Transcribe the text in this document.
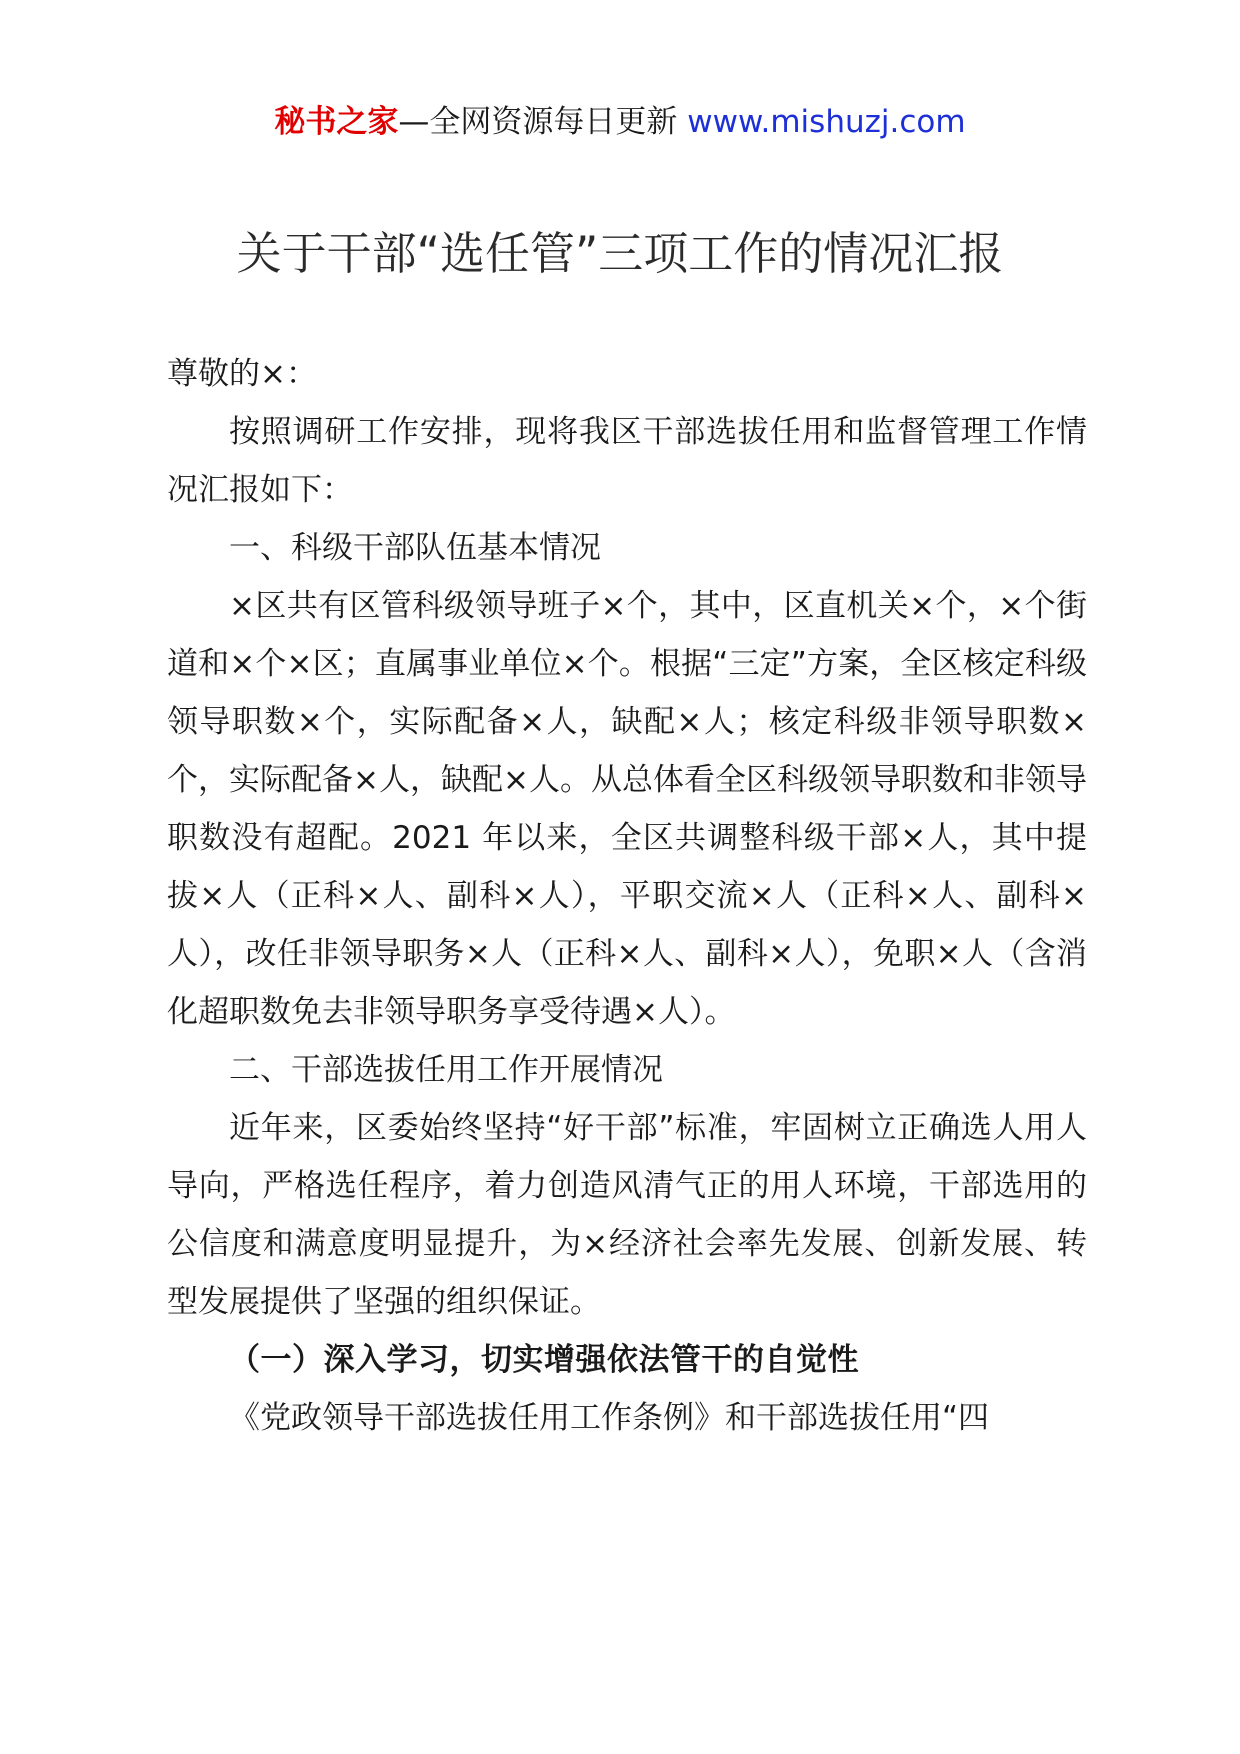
秘书之家—全网资源每日更新 www.mishuzj.com
关于干部“选任管”三项工作的情况汇报

尊敬的×：

按照调研工作安排，现将我区干部选拔任用和监督管理工作情况汇报如下：

一、科级干部队伍基本情况

×区共有区管科级领导班子×个，其中，区直机关×个，×个街道和×个×区；直属事业单位×个。根据“三定”方案，全区核定科级领导职数×个，实际配备×人，缺配×人；核定科级非领导职数×个，实际配备×人，缺配×人。从总体看全区科级领导职数和非领导职数没有超配。2021 年以来，全区共调整科级干部×人，其中提拔×人（正科×人、副科×人），平职交流×人（正科×人、副科×人），改任非领导职务×人（正科×人、副科×人），免职×人（含消化超职数免去非领导职务享受待遇×人）。

二、干部选拔任用工作开展情况

近年来，区委始终坚持“好干部”标准，牢固树立正确选人用人导向，严格选任程序，着力创造风清气正的用人环境，干部选用的公信度和满意度明显提升，为×经济社会率先发展、创新发展、转型发展提供了坚强的组织保证。

（一）深入学习，切实增强依法管干的自觉性

《党政领导干部选拔任用工作条例》和干部选拔任用“四
